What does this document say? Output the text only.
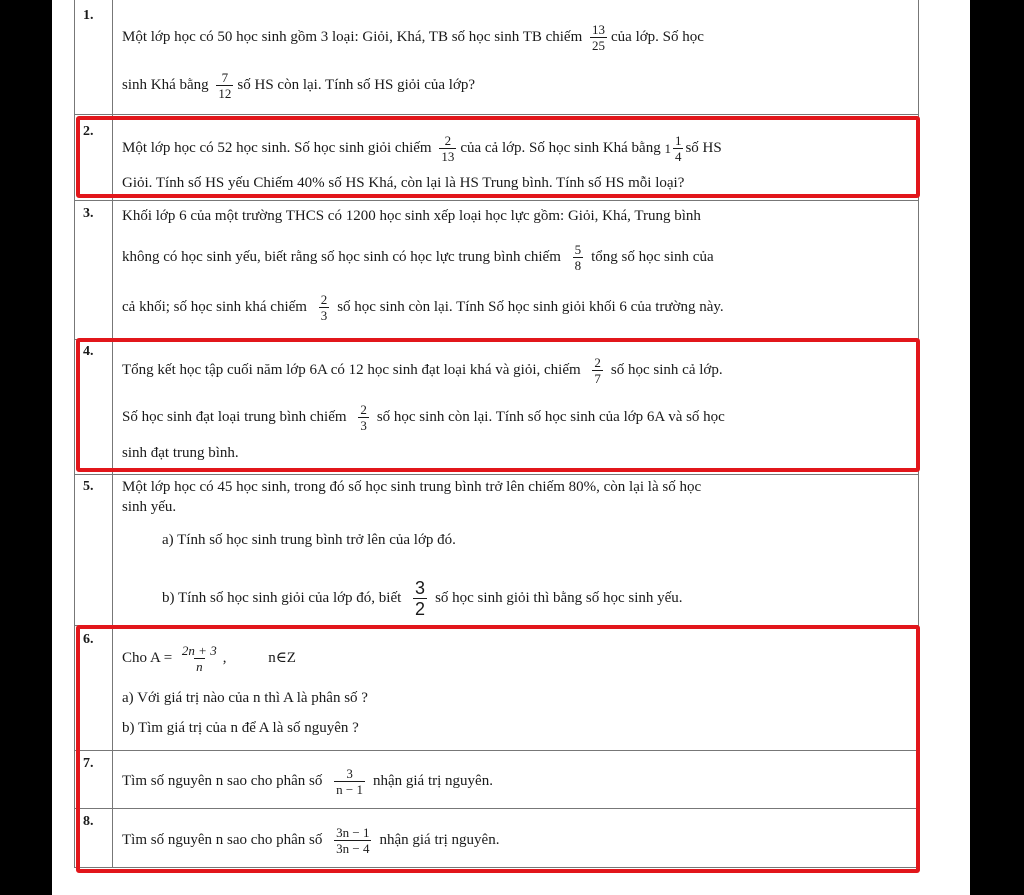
1.
Một lớp học có 50 học sinh gồm 3 loại: Giỏi, Khá, TB số học sinh TB chiếm $\frac{13}{25}$ của lớp. Số học
sinh Khá bằng $\frac{7}{12}$ số HS còn lại. Tính số HS giỏi của lớp?
2.
Một lớp học có 52 học sinh. Số học sinh giỏi chiếm $\frac{2}{13}$ của cả lớp. Số học sinh Khá bằng $1 \frac{1}{4}$ số HS
Giỏi. Tính số HS yếu Chiếm 40% số HS Khá, còn lại là HS Trung bình. Tính số HS mỗi loại?
3. Khối lớp 6 của một trường THCS có 1200 học sinh xếp loại học lực gồm: Giỏi, Khá, Trung bình
không có học sinh yếu, biết rằng số học sinh có học lực trung bình chiếm $\frac{5}{8}$ tổng số học sinh của
cả khối; số học sinh khá chiếm $\frac{2}{3}$ số học sinh còn lại. Tính Số học sinh giỏi khối 6 của trường này.
4.
Tổng kết học tập cuối năm lớp 6A có 12 học sinh đạt loại khá và giỏi, chiếm $\frac{2}{7}$ số học sinh cả lớp.
Số học sinh đạt loại trung bình chiếm $\frac{2}{3}$ số học sinh còn lại. Tính số học sinh của lớp 6A và số học
sinh đạt trung bình.
5. Một lớp học có 45 học sinh, trong đó số học sinh trung bình trở lên chiếm 80%, còn lại là số học
sinh yếu.
a) Tính số học sinh trung bình trở lên của lớp đó.
b) Tính số học sinh giỏi của lớp đó, biết $\frac{3}{2}$ số học sinh giỏi thì bằng số học sinh yếu.
6.
Cho $A = \frac{2n + 3}{n}$ ,	n∈Z
a) Với giá trị nào của n thì A là phân số ?
b) Tìm giá trị của n để A là số nguyên ?
7.
Tìm số nguyên n sao cho phân số $\frac{3}{n - 1}$ nhận giá trị nguyên.
8.
Tìm số nguyên n sao cho phân số $\frac{3n - 1}{3n - 4}$ nhận giá trị nguyên.
